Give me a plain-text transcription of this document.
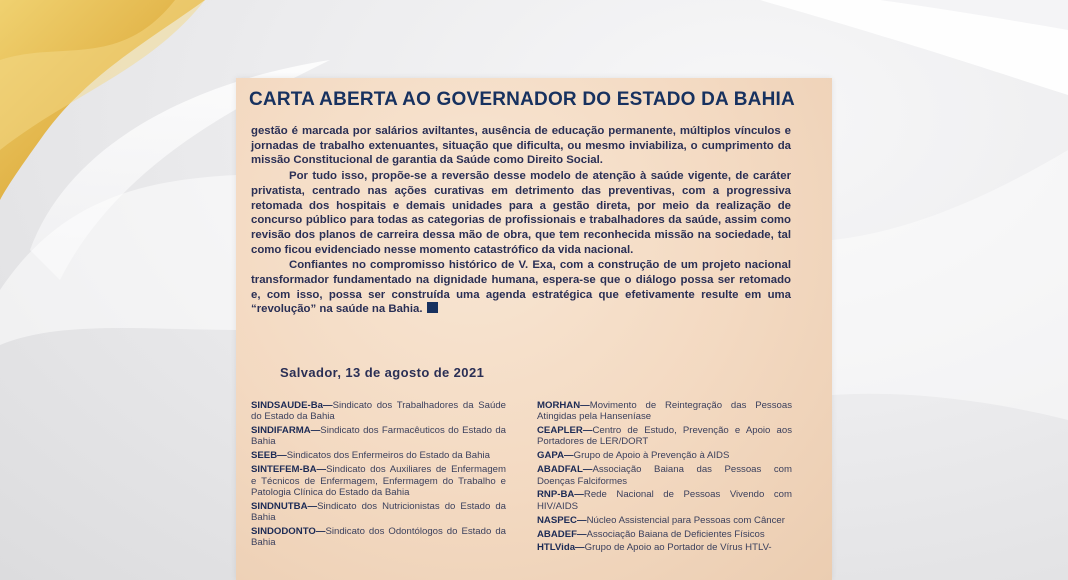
CARTA ABERTA AO GOVERNADOR DO ESTADO DA BAHIA

gestão é marcada por salários aviltantes, ausência de educação permanente, múltiplos vínculos e jornadas de trabalho extenuantes, situação que dificulta, ou mesmo inviabiliza, o cumprimento da missão Constitucional de garantia da Saúde como Direito Social.

Por tudo isso, propõe-se a reversão desse modelo de atenção à saúde vigente, de caráter privatista, centrado nas ações curativas em detrimento das preventivas, com a progressiva retomada dos hospitais e demais unidades para a gestão direta, por meio da realização de concurso público para todas as categorias de profissionais e trabalhadores da saúde, assim como revisão dos planos de carreira dessa mão de obra, que tem reconhecida missão na sociedade, tal como ficou evidenciado nesse momento catastrófico da vida nacional.

Confiantes no compromisso histórico de V. Exa, com a construção de um projeto nacional transformador fundamentado na dignidade humana, espera-se que o diálogo possa ser retomado e, com isso, possa ser construída uma agenda estratégica que efetivamente resulte em uma “revolução” na saúde na Bahia.

Salvador, 13 de agosto de 2021

SINDSAUDE-Ba—Sindicato dos Trabalhadores da Saúde do Estado da Bahia

SINDIFARMA—Sindicato dos Farmacêuticos do Estado da Bahia

SEEB—Sindicatos dos Enfermeiros do Estado da Bahia

SINTEFEM-BA—Sindicato dos Auxiliares de Enfermagem e Técnicos de Enfermagem, Enfermagem do Trabalho e Patologia Clínica do Estado da Bahia

SINDNUTBA—Sindicato dos Nutricionistas do Estado da Bahia

SINDODONTO—Sindicato dos Odontólogos do Estado da Bahia

MORHAN—Movimento de Reintegração das Pessoas Atingidas pela Hanseníase

CEAPLER—Centro de Estudo, Prevenção e Apoio aos Portadores de LER/DORT

GAPA—Grupo de Apoio à Prevenção à AIDS

ABADFAL—Associação Baiana das Pessoas com Doenças Falciformes

RNP-BA—Rede Nacional de Pessoas Vivendo com HIV/AIDS

NASPEC—Núcleo Assistencial para Pessoas com Câncer

ABADEF—Associação Baiana de Deficientes Físicos

HTLVida—Grupo de Apoio ao Portador de Vírus HTLV-
